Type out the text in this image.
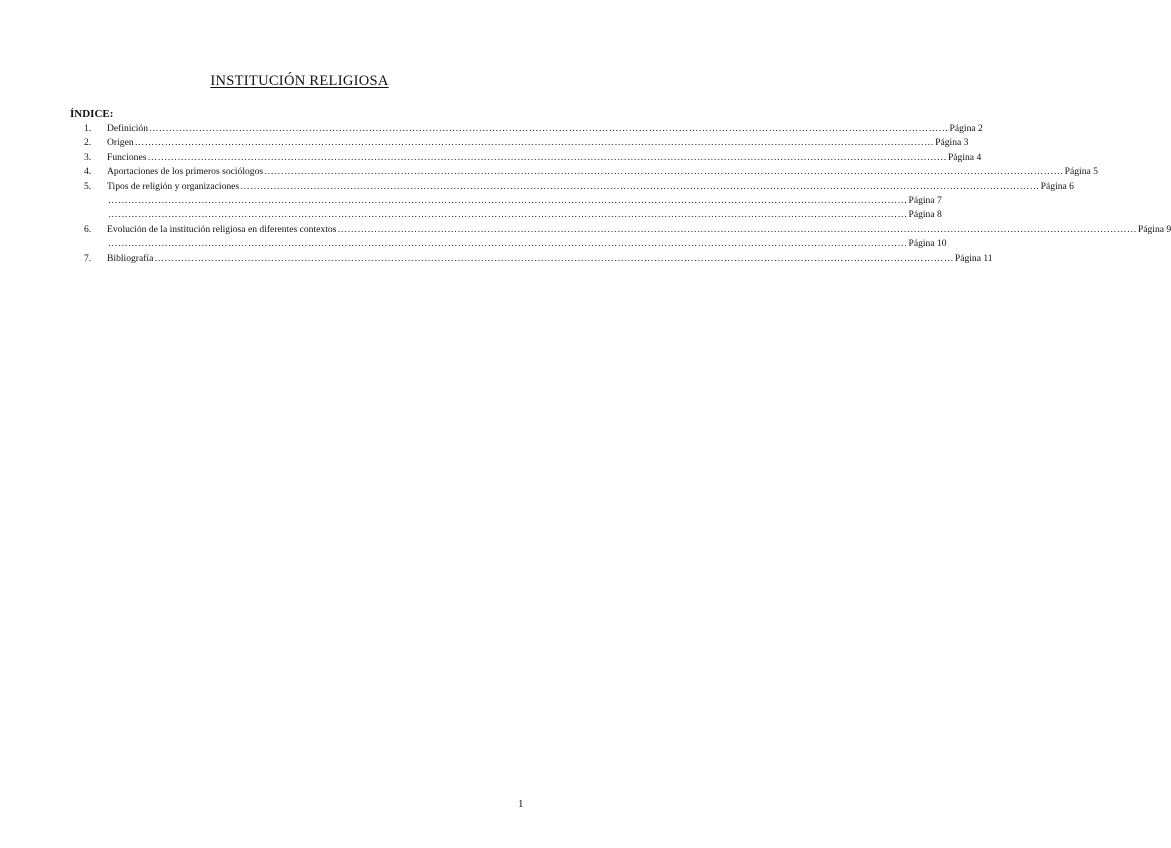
INSTITUCIÓN RELIGIOSA
ÍNDICE:
1.	Definición …………………………………………………………………………………………………………………………………………………………………………………………………………………… Página 2
2.	Origen …………………………………………………………………………………………………………………………………………………………………………………………………………………… Página 3
3.	Funciones …………………………………………………………………………………………………………………………………………………………………………………………………………………… Página 4
4.	Aportaciones de los primeros sociólogos …………………………………………………………………………………………………………………………………………………………………………………………………………………… Página 5
5.	Tipos de religión y organizaciones …………………………………………………………………………………………………………………………………………………………………………………………………………………… Página 6
…………………………………………………………………………………………………………………………………………………………………………………………………………………… Página 7
…………………………………………………………………………………………………………………………………………………………………………………………………………………… Página 8
6.	Evolución de la institución religiosa en diferentes contextos …………………………………………………………………………………………………………………………………………………………………………………………………………………… Página 9
…………………………………………………………………………………………………………………………………………………………………………………………………………………… Página 10
7.	Bibliografía …………………………………………………………………………………………………………………………………………………………………………………………………………………… Página 11
1
